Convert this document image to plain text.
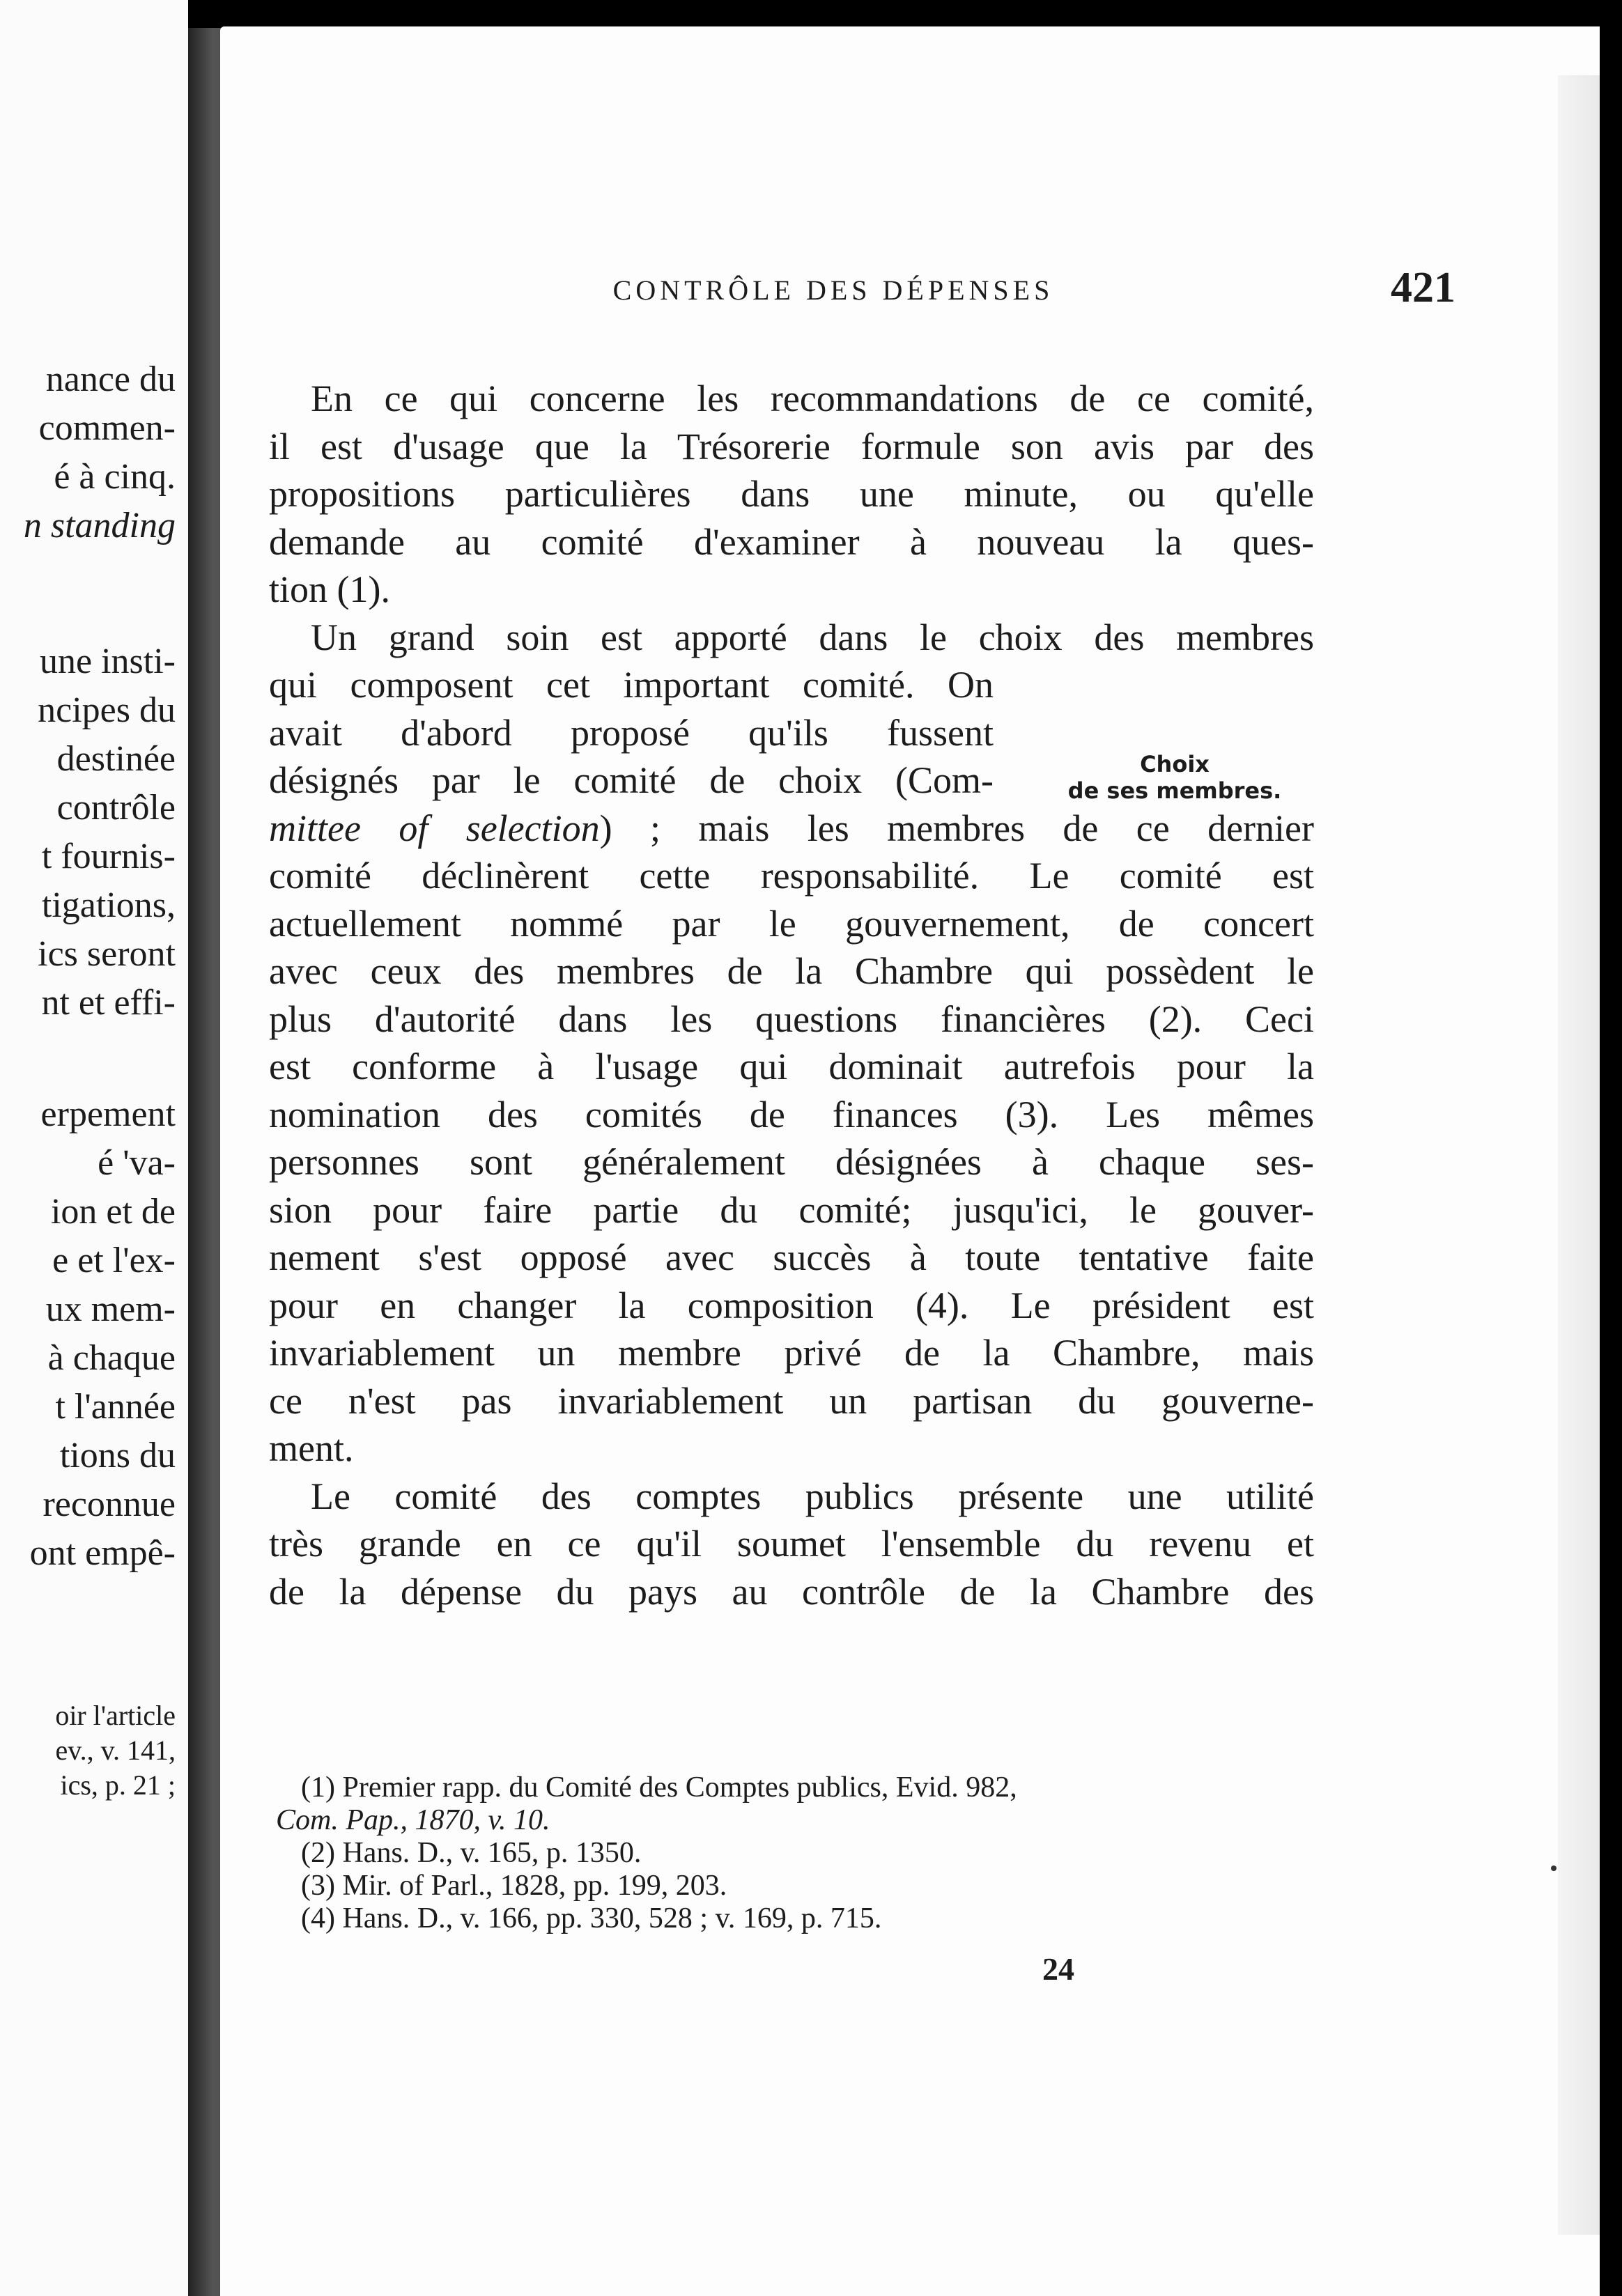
nance du
commen-
é à cinq.
n standing
une insti-
ncipes du
destinée
contrôle
t fournis-
tigations,
ics seront
nt et effi-
erpement
é 'va-
ion et de
e et l'ex-
ux mem-
à chaque
t l'année
tions du
reconnue
ont empê-
oir l'article
ev., v. 141,
ics, p. 21 ;
CONTRÔLE DES DÉPENSES	421
En ce qui concerne les recommandations de ce comité,
il est d'usage que la Trésorerie formule son avis par des
propositions particulières dans une minute, ou qu'elle
demande au comité d'examiner à nouveau la ques-
tion (1).
Un grand soin est apporté dans le choix des membres
qui composent cet important comité. On
avait d'abord proposé qu'ils fussent
désignés par le comité de choix (Com-
mittee of selection) ; mais les membres de ce dernier
comité déclinèrent cette responsabilité. Le comité est
actuellement nommé par le gouvernement, de concert
avec ceux des membres de la Chambre qui possèdent le
plus d'autorité dans les questions financières (2). Ceci
est conforme à l'usage qui dominait autrefois pour la
nomination des comités de finances (3). Les mêmes
personnes sont généralement désignées à chaque ses-
sion pour faire partie du comité; jusqu'ici, le gouver-
nement s'est opposé avec succès à toute tentative faite
pour en changer la composition (4). Le président est
invariablement un membre privé de la Chambre, mais
ce n'est pas invariablement un partisan du gouverne-
ment.
Le comité des comptes publics présente une utilité
très grande en ce qu'il soumet l'ensemble du revenu et
de la dépense du pays au contrôle de la Chambre des
Choix
de ses membres.
(1) Premier rapp. du Comité des Comptes publics, Evid. 982,
Com. Pap., 1870, v. 10.
(2) Hans. D., v. 165, p. 1350.
(3) Mir. of Parl., 1828, pp. 199, 203.
(4) Hans. D., v. 166, pp. 330, 528 ; v. 169, p. 715.
24
